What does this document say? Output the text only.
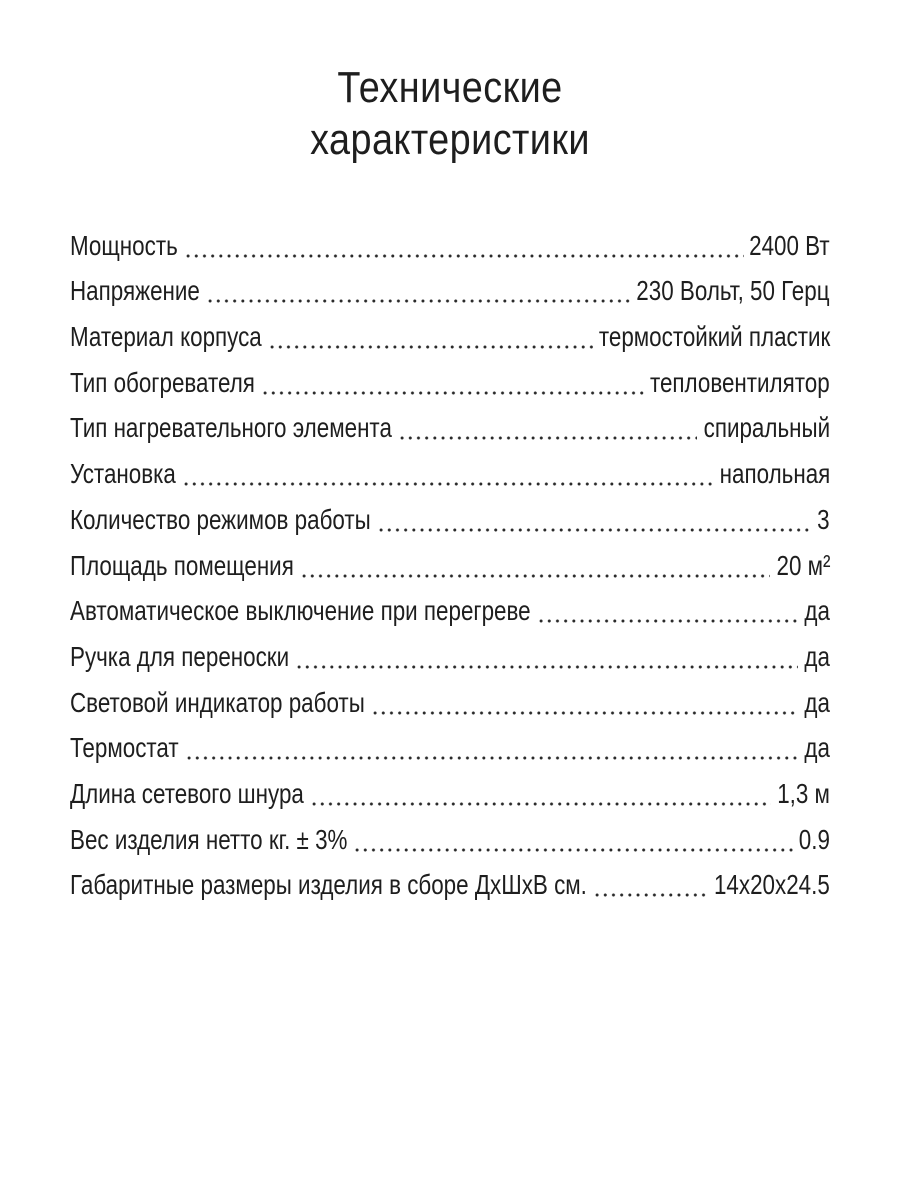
Технические
характеристики
Мощность	2400 Вт
Напряжение	230 Вольт, 50 Герц
Материал корпуса	термостойкий пластик
Тип обогревателя	тепловентилятор
Тип нагревательного элемента	спиральный
Установка	напольная
Количество режимов работы	3
Площадь помещения	20 м²
Автоматическое выключение при перегреве	да
Ручка для переноски	да
Световой индикатор работы	да
Термостат	да
Длина сетевого шнура	1,3 м
Вес изделия нетто кг. ± 3%	0.9
Габаритные размеры изделия в сборе ДхШхВ см.	14x20x24.5
